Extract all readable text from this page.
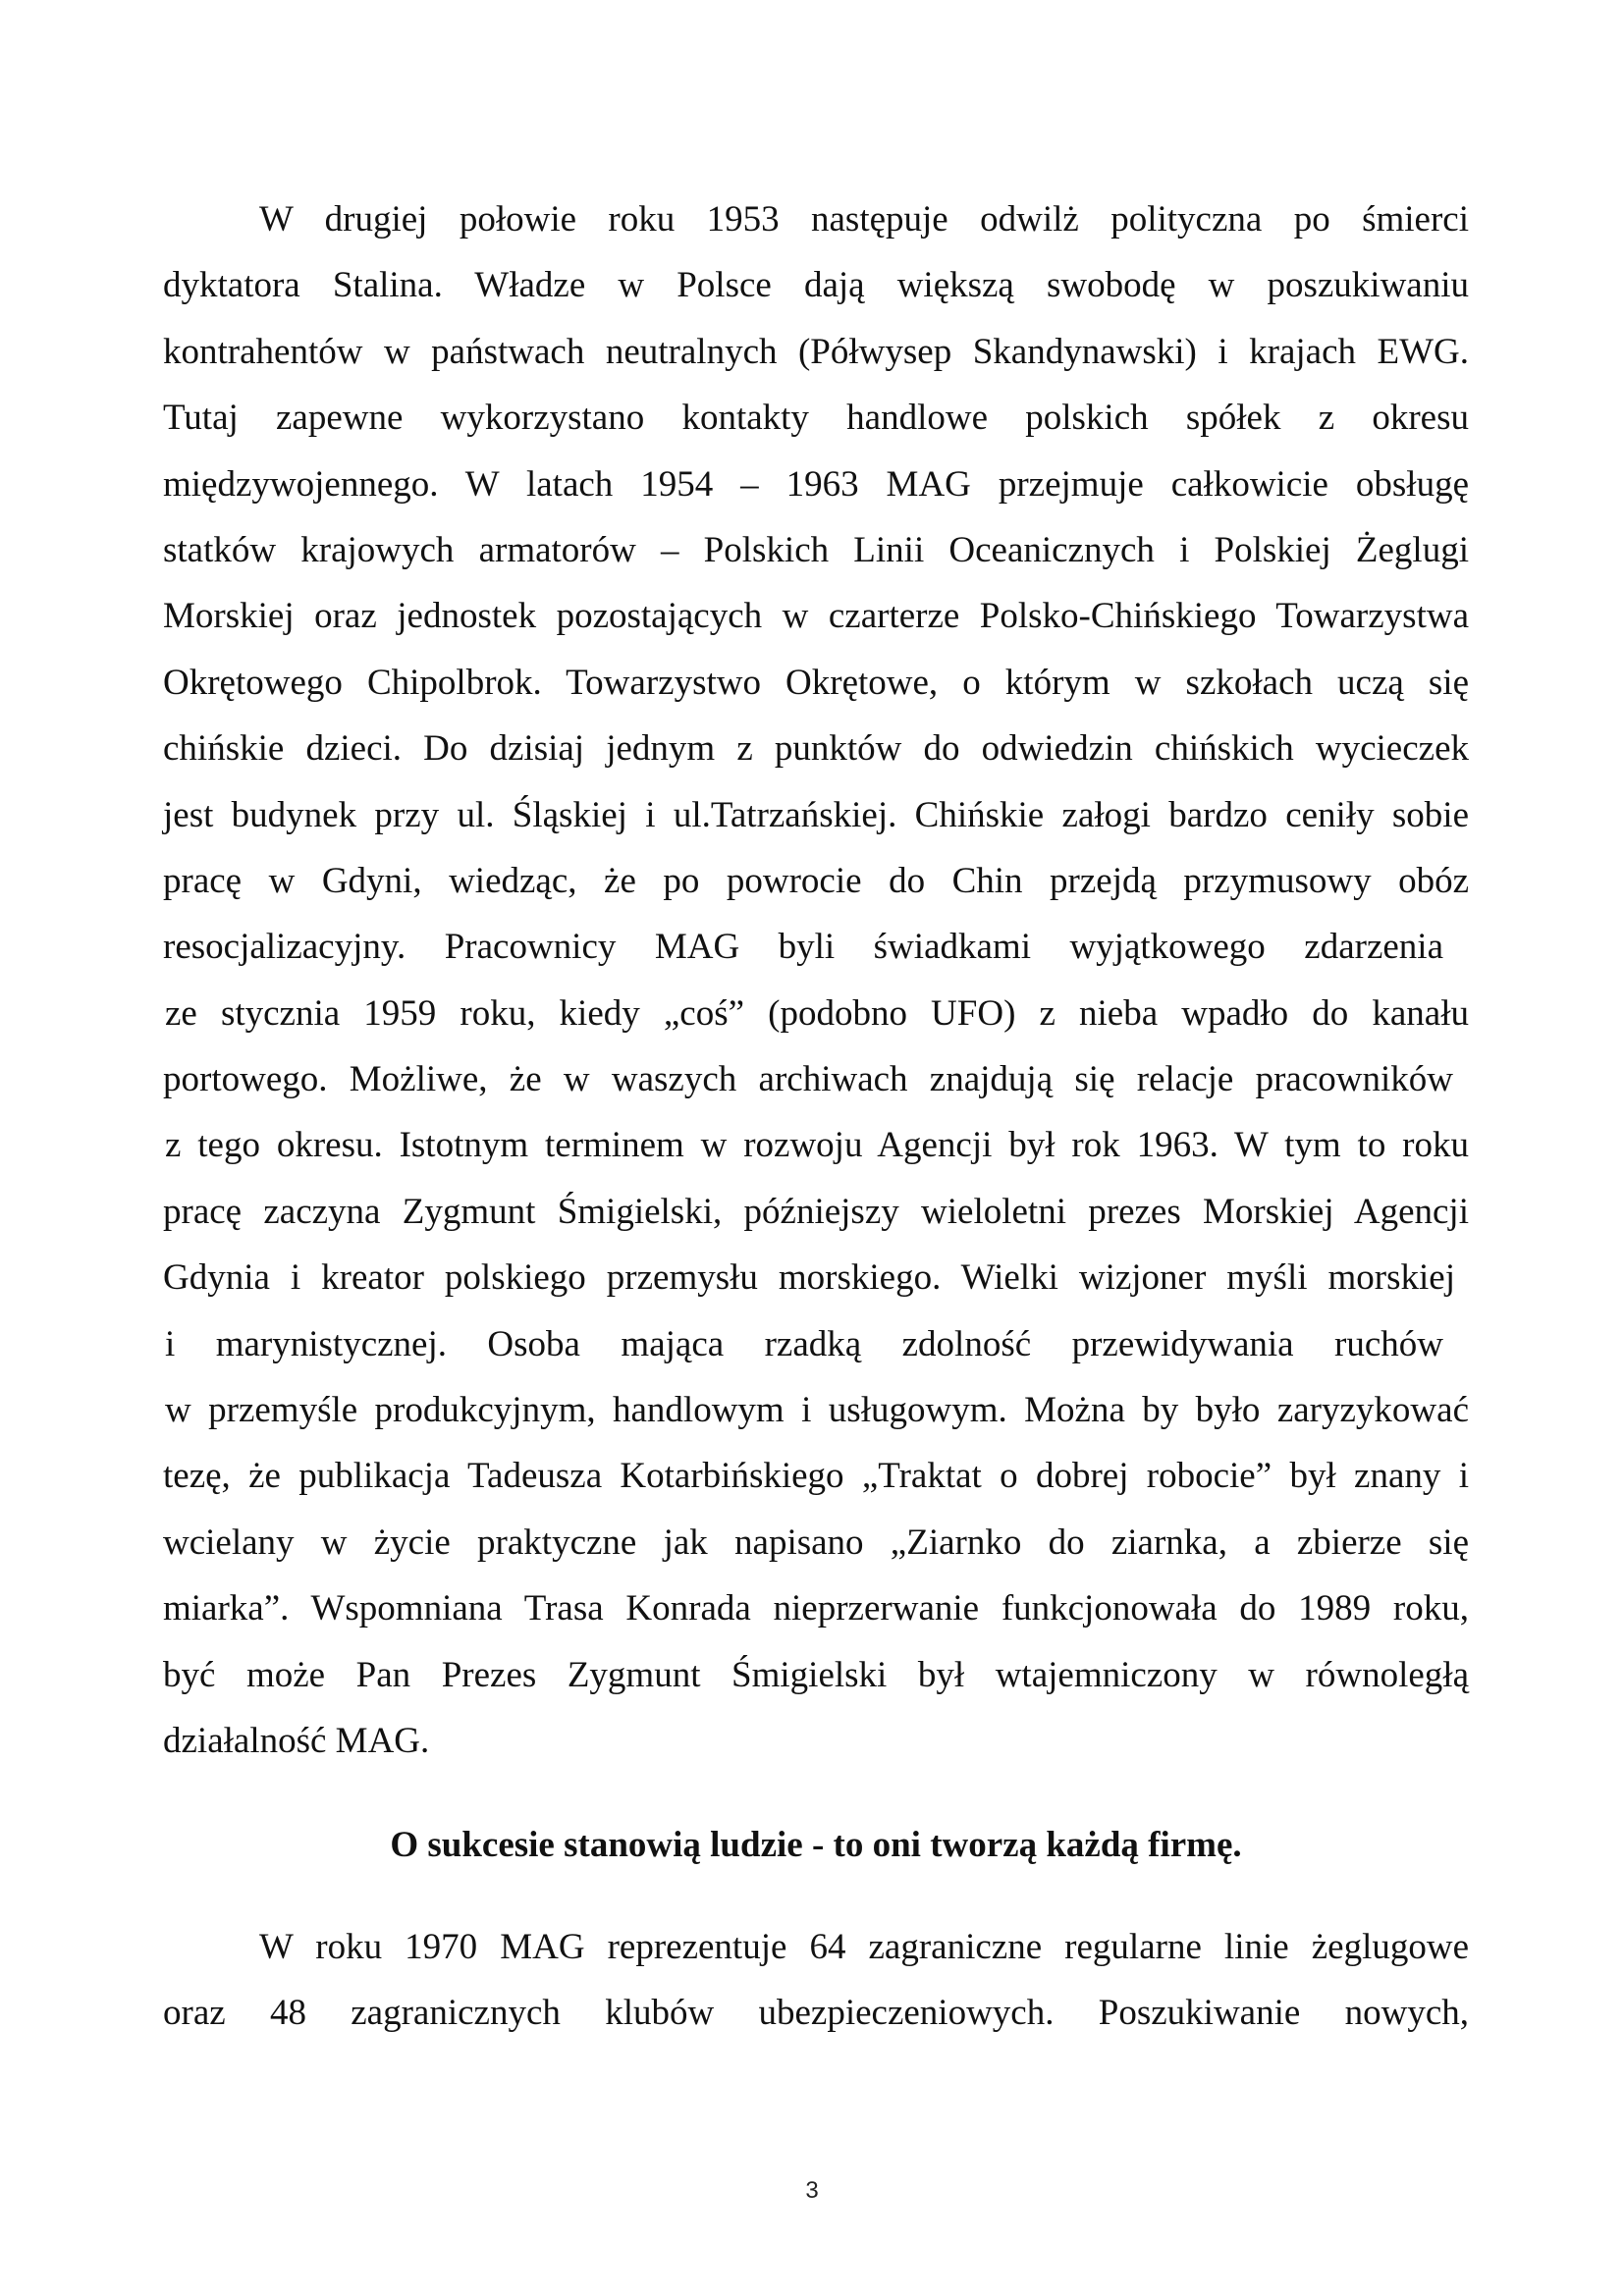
W drugiej połowie roku 1953 następuje odwilż polityczna po śmierci
dyktatora Stalina. Władze w Polsce dają większą swobodę w poszukiwaniu
kontrahentów w państwach neutralnych (Półwysep Skandynawski) i krajach EWG.
Tutaj zapewne wykorzystano kontakty handlowe polskich spółek z okresu
międzywojennego. W latach 1954 – 1963 MAG przejmuje całkowicie obsługę
statków krajowych armatorów – Polskich Linii Oceanicznych i Polskiej Żeglugi
Morskiej oraz jednostek pozostających w czarterze Polsko-Chińskiego Towarzystwa
Okrętowego Chipolbrok. Towarzystwo Okrętowe, o którym w szkołach uczą się
chińskie dzieci. Do dzisiaj jednym z punktów do odwiedzin chińskich wycieczek
jest budynek przy ul. Śląskiej i ul.Tatrzańskiej. Chińskie załogi bardzo ceniły sobie
pracę w Gdyni, wiedząc, że po powrocie do Chin przejdą przymusowy obóz
resocjalizacyjny. Pracownicy MAG byli świadkami wyjątkowego zdarzenia
ze stycznia 1959 roku, kiedy „coś” (podobno UFO) z nieba wpadło do kanału
portowego. Możliwe, że w waszych archiwach znajdują się relacje pracowników
z tego okresu. Istotnym terminem w rozwoju Agencji był rok 1963. W tym to roku
pracę zaczyna Zygmunt Śmigielski, późniejszy wieloletni prezes Morskiej Agencji
Gdynia i kreator polskiego przemysłu morskiego. Wielki wizjoner myśli morskiej
i marynistycznej. Osoba mająca rzadką zdolność przewidywania ruchów
w przemyśle produkcyjnym, handlowym i usługowym. Można by było zaryzykować
tezę, że publikacja Tadeusza Kotarbińskiego „Traktat o dobrej robocie” był znany i
wcielany w życie praktyczne jak napisano „Ziarnko do ziarnka, a zbierze się
miarka”. Wspomniana Trasa Konrada nieprzerwanie funkcjonowała do 1989 roku,
być może Pan Prezes Zygmunt Śmigielski był wtajemniczony w równoległą
działalność MAG.
O sukcesie stanowią ludzie - to oni tworzą każdą firmę.
W roku 1970 MAG reprezentuje 64 zagraniczne regularne linie żeglugowe
oraz 48 zagranicznych klubów ubezpieczeniowych. Poszukiwanie nowych,
3
